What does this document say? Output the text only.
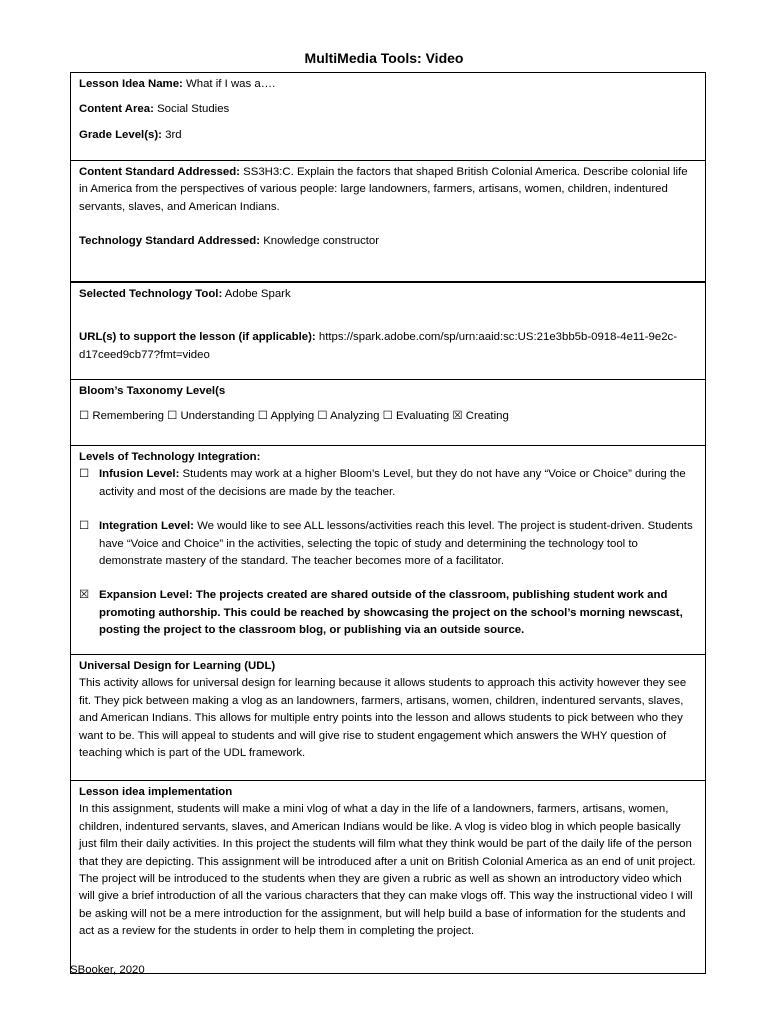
MultiMedia Tools: Video

Lesson Idea Name: What if I was a….

Content Area: Social Studies

Grade Level(s): 3rd

Content Standard Addressed: SS3H3:C. Explain the factors that shaped British Colonial America. Describe colonial life in America from the perspectives of various people: large landowners, farmers, artisans, women, children, indentured servants, slaves, and American Indians.

Technology Standard Addressed: Knowledge constructor

Selected Technology Tool: Adobe Spark

URL(s) to support the lesson (if applicable): https://spark.adobe.com/sp/urn:aaid:sc:US:21e3bb5b-0918-4e11-9e2c-d17ceed9cb77?fmt=video

Bloom’s Taxonomy Level(s

☐ Remembering ☐ Understanding ☐ Applying ☐ Analyzing ☐ Evaluating ☒ Creating

Levels of Technology Integration:

☐ Infusion Level: Students may work at a higher Bloom’s Level, but they do not have any “Voice or Choice” during the activity and most of the decisions are made by the teacher.
☐ Integration Level: We would like to see ALL lessons/activities reach this level. The project is student-driven. Students have “Voice and Choice” in the activities, selecting the topic of study and determining the technology tool to demonstrate mastery of the standard. The teacher becomes more of a facilitator.
☒ Expansion Level: The projects created are shared outside of the classroom, publishing student work and promoting authorship. This could be reached by showcasing the project on the school’s morning newscast, posting the project to the classroom blog, or publishing via an outside source.

Universal Design for Learning (UDL)

This activity allows for universal design for learning because it allows students to approach this activity however they see fit. They pick between making a vlog as an landowners, farmers, artisans, women, children, indentured servants, slaves, and American Indians. This allows for multiple entry points into the lesson and allows students to pick between who they want to be. This will appeal to students and will give rise to student engagement which answers the WHY question of teaching which is part of the UDL framework.

Lesson idea implementation

In this assignment, students will make a mini vlog of what a day in the life of a landowners, farmers, artisans, women, children, indentured servants, slaves, and American Indians would be like. A vlog is video blog in which people basically just film their daily activities. In this project the students will film what they think would be part of the daily life of the person that they are depicting. This assignment will be introduced after a unit on British Colonial America as an end of unit project.

The project will be introduced to the students when they are given a rubric as well as shown an introductory video which will give a brief introduction of all the various characters that they can make vlogs off. This way the instructional video I will be asking will not be a mere introduction for the assignment, but will help build a base of information for the students and act as a review for the students in order to help them in completing the project.

SBooker, 2020
